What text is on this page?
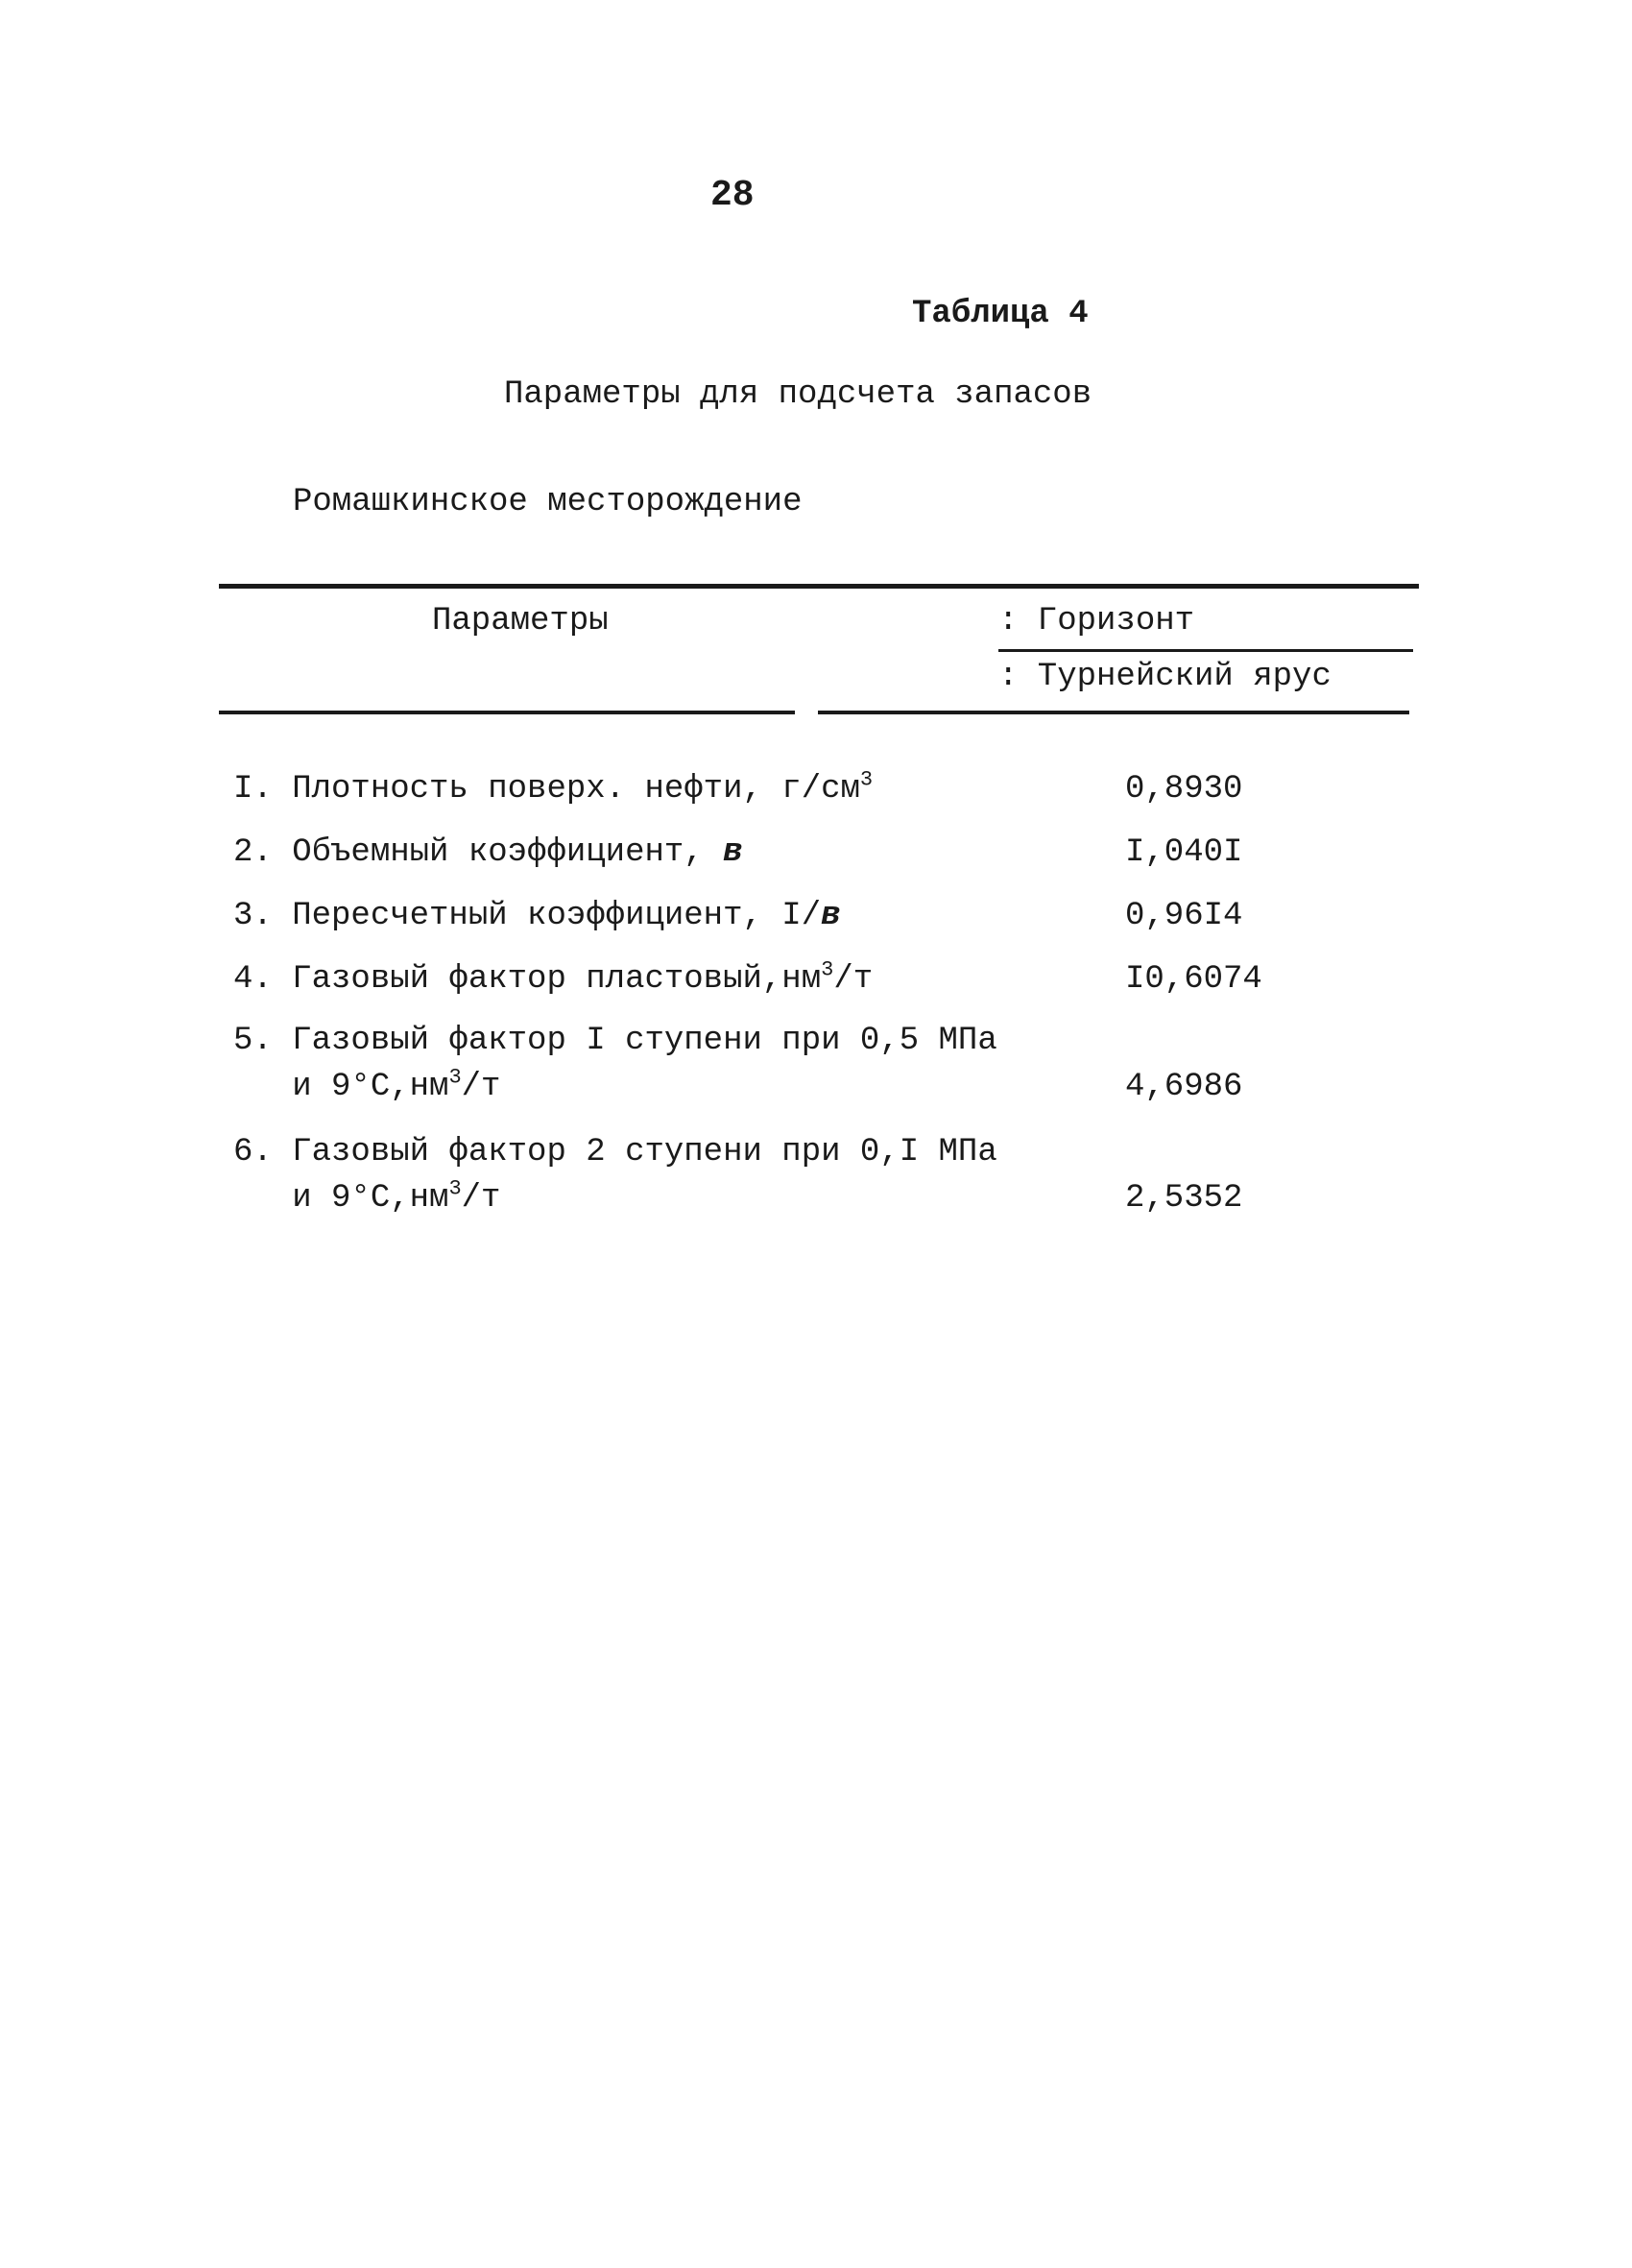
28
Таблица 4
Параметры для подсчета запасов
Ромашкинское месторождение
Параметры	: Горизонт
: Турнейский ярус
I. Плотность поверх. нефти, $г/см^3$	0,8930
2. Объемный коэффициент, в	I,040I
3. Пересчетный коэффициент, I/в	0,96I4
4. Газовый фактор $пластовый,нм^3/т$	I0,6074
5. Газовый фактор I ступени при 0,5 МПа
и $9^\circ С,нм^3/т$	4,6986
6. Газовый фактор 2 ступени при 0,I МПа
и $9^\circ С,нм^3/т$	2,5352
